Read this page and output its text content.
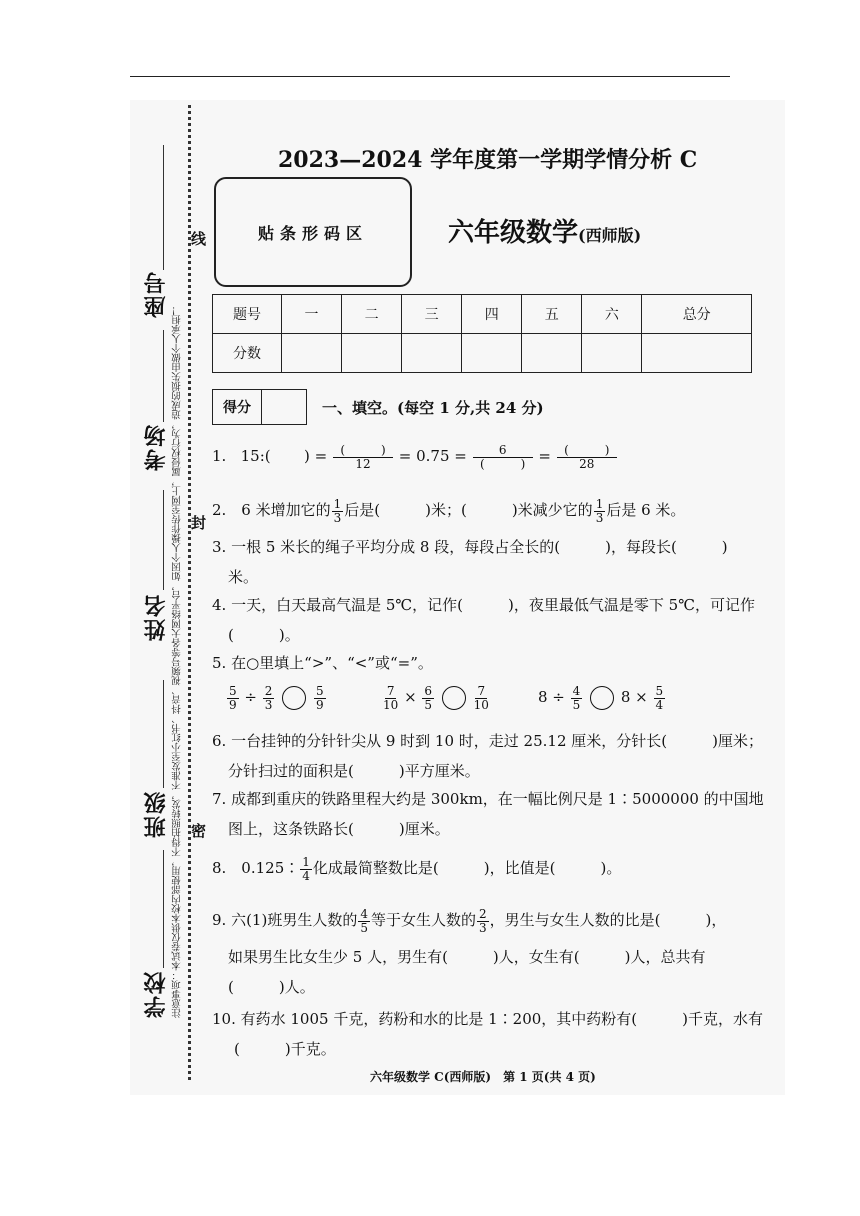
座号
考场
姓名
班级
学校 注意事项：本试卷仅供本校内部使用，不得拍照转发，不准发至小红书、抖音、视频号等各大网络平台，如因个人操作传至网上，属侵权行为，造成的损失由做个人承担！
线
封
密
2023—2024 学年度第一学期学情分析 C
贴条形码区	六年级数学(西师版)
题号	一	二	三	四	五	六	总分
分数							
得分	一、填空。(每空 1 分,共 24 分)
1. 15:( ) = $\frac{( )}{12} = 0.75 = \frac{6}{( )} = \frac{( )}{28}$
2.　6 米增加它的 $\frac{1}{3}$ 后是(　　　)米；(　　　)米减少它的 $\frac{1}{3}$ 后是 6 米。
3. 一根 5 米长的绳子平均分成 8 段，每段占全长的(　　　)，每段长(　　　)
米。
4. 一天，白天最高气温是 5℃，记作(　　　)，夜里最低气温是零下 5℃，可记作
(　　　)。
5. 在○里填上“>”、“<”或“=”。
$\frac{5}{9} \div \frac{2}{3}$
	$\frac{5}{9}$	$\frac{7}{10} \times \frac{6}{5}$
	$\frac{7}{10}$	$8 \div \frac{4}{5}$	$8 \times \frac{5}{4}$
6. 一台挂钟的分针针尖从 9 时到 10 时，走过 25.12 厘米，分针长(　　　)厘米；
分针扫过的面积是(　　　)平方厘米。
7. 成都到重庆的铁路里程大约是 300km，在一幅比例尺是 1∶5000000 的中国地
图上，这条铁路长(　　　)厘米。
8.　0.125∶ $\frac{1}{4}$ 化成最简整数比是(　　　)，比值是(　　　)。
9. 六(1)班男生人数的 $\frac{4}{5}$ 等于女生人数的 $\frac{2}{3}$ ，男生与女生人数的比是(　　　)，
如果男生比女生少 5 人，男生有(　　　)人，女生有(　　　)人，总共有
(　　　)人。
10. 有药水 1005 千克，药粉和水的比是 1∶200，其中药粉有(　　　)千克，水有
(　　　)千克。
六年级数学 C(西师版)　第 1 页(共 4 页)
